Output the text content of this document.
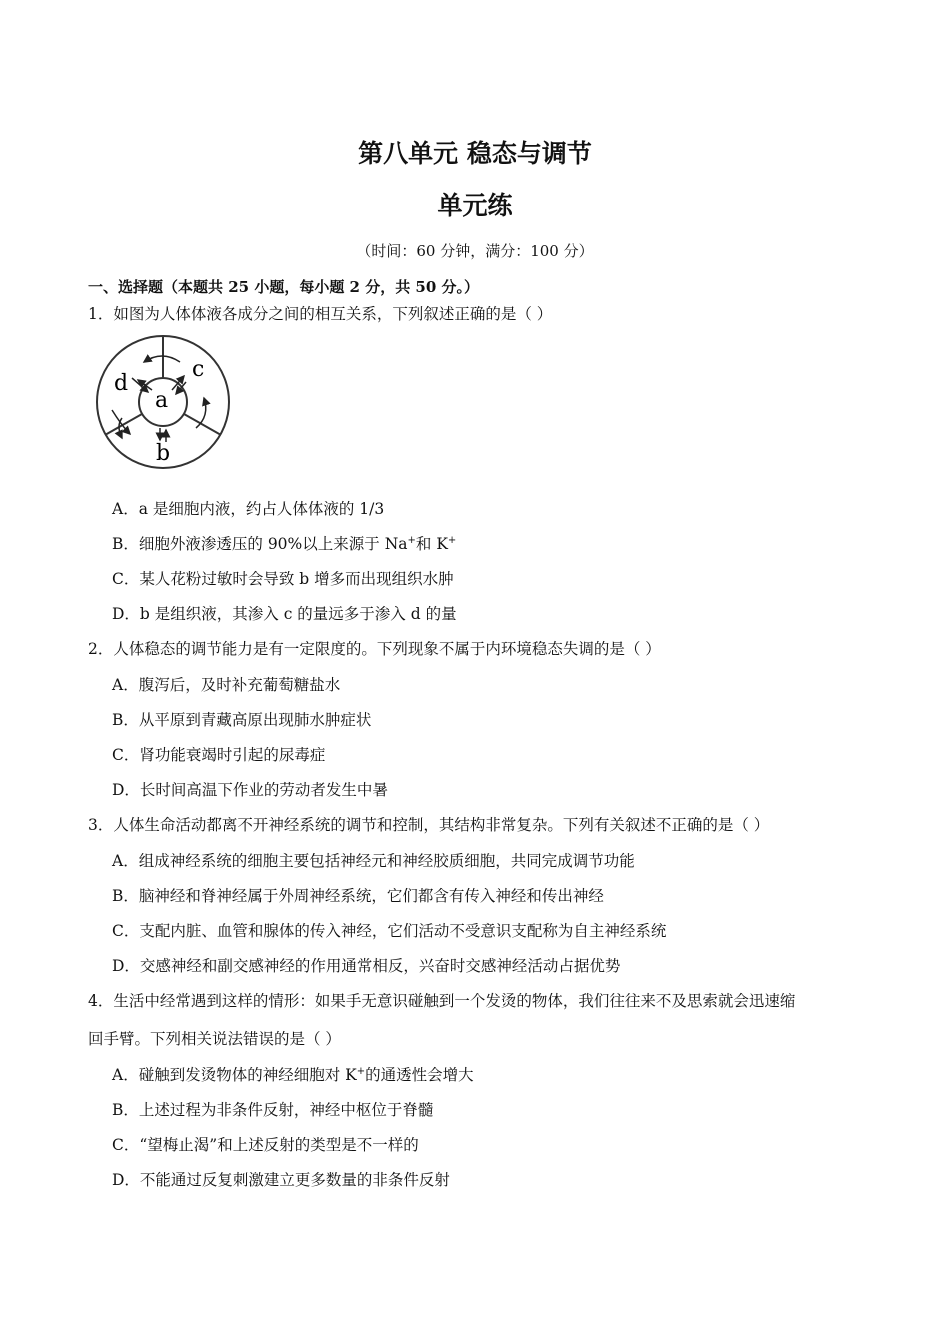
第八单元 稳态与调节
单元练
（时间：60 分钟，满分：100 分）
一、选择题（本题共 25 小题，每小题 2 分，共 50 分。）
1．如图为人体体液各成分之间的相互关系，下列叙述正确的是（ ）
a
b
c
d
A．a 是细胞内液，约占人体体液的 1/3
B．细胞外液渗透压的 90%以上来源于 Na+和 K+
C．某人花粉过敏时会导致 b 增多而出现组织水肿
D．b 是组织液，其渗入 c 的量远多于渗入 d 的量
2．人体稳态的调节能力是有一定限度的。下列现象不属于内环境稳态失调的是（ ）
A．腹泻后，及时补充葡萄糖盐水
B．从平原到青藏高原出现肺水肿症状
C．肾功能衰竭时引起的尿毒症
D．长时间高温下作业的劳动者发生中暑
3．人体生命活动都离不开神经系统的调节和控制，其结构非常复杂。下列有关叙述不正确的是（ ）
A．组成神经系统的细胞主要包括神经元和神经胶质细胞，共同完成调节功能
B．脑神经和脊神经属于外周神经系统，它们都含有传入神经和传出神经
C．支配内脏、血管和腺体的传入神经，它们活动不受意识支配称为自主神经系统
D．交感神经和副交感神经的作用通常相反，兴奋时交感神经活动占据优势
4．生活中经常遇到这样的情形：如果手无意识碰触到一个发烫的物体，我们往往来不及思索就会迅速缩
回手臂。下列相关说法错误的是（ ）
A．碰触到发烫物体的神经细胞对 K+的通透性会增大
B．上述过程为非条件反射，神经中枢位于脊髓
C．“望梅止渴”和上述反射的类型是不一样的
D．不能通过反复刺激建立更多数量的非条件反射
